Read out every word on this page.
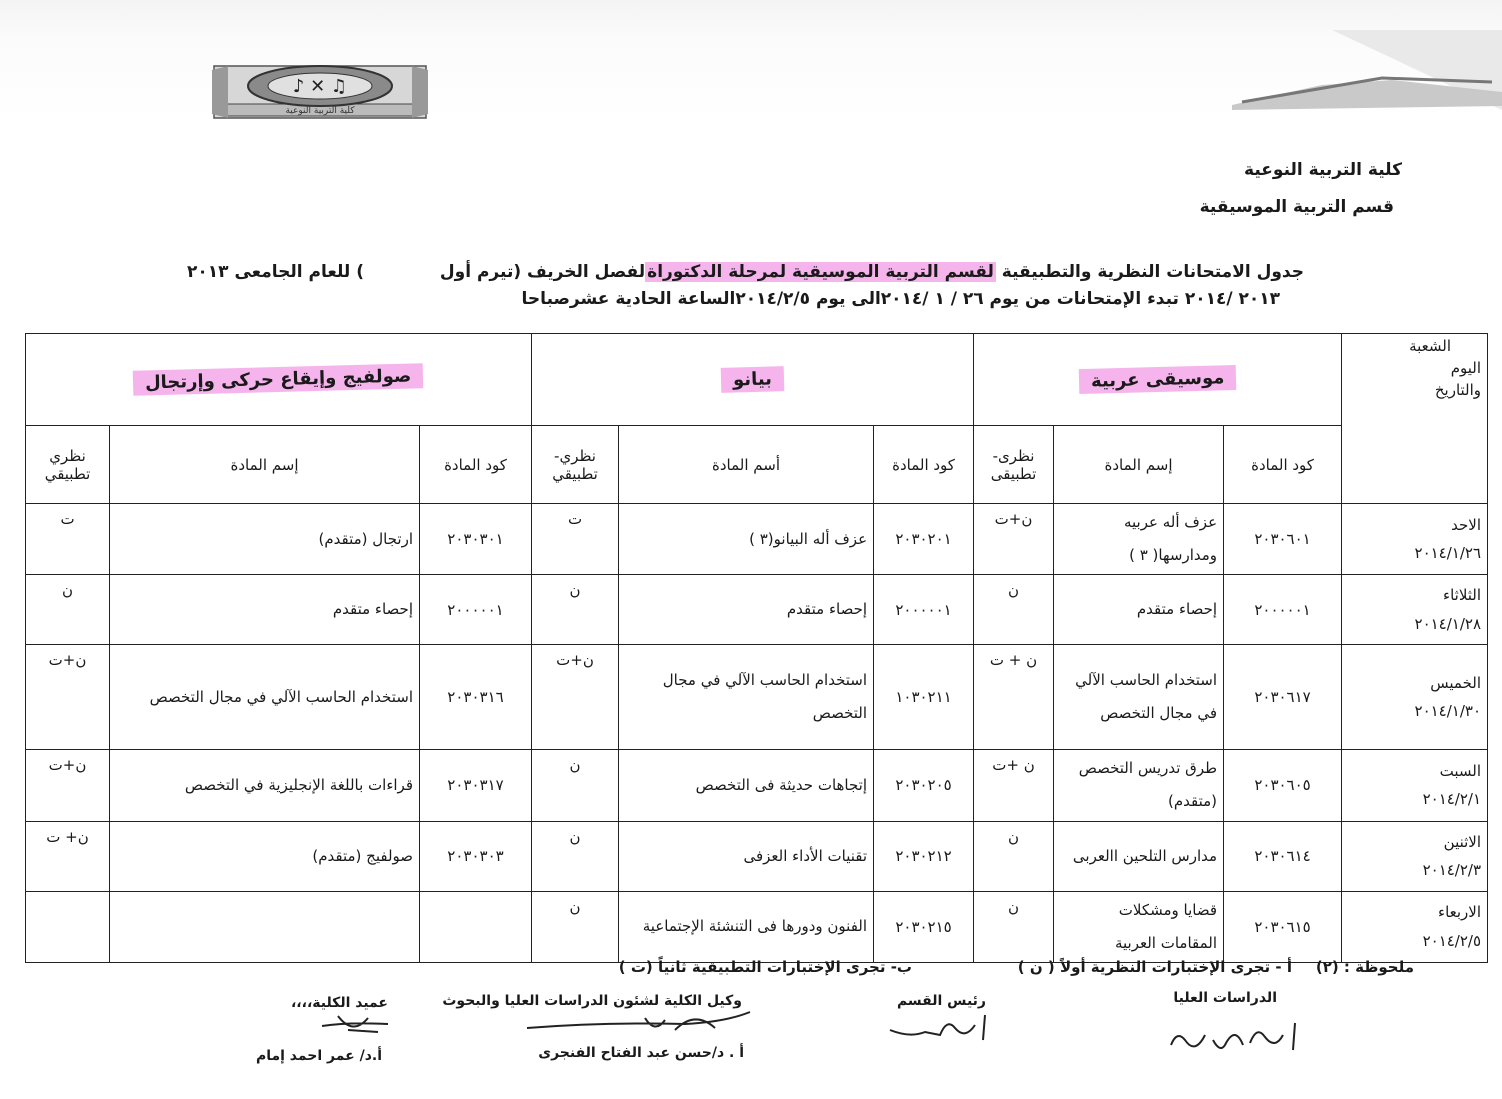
♪ ✕ ♫
كلية التربية النوعية
كلية التربية النوعية
قسم التربية الموسيقية
جدول الامتحانات النظرية والتطبيقية لقسم التربية الموسيقية لمرحلة الدكتوراةلفصل الخريف (تيرم أول ) للعام الجامعى ٢٠١٣
٢٠١٣ /٢٠١٤ تبدء الإمتحانات من يوم ٢٦ / ١ /٢٠١٤الى يوم ٢٠١٤/٢/٥الساعة الحادية عشرصباحا
الشعبة
اليوم
والتاريخ	موسيقى عربية			بيانو			صولفيج وإيقاع حركى وإرتجال		
	كود المادة	إسم المادة	نظرى- تطبيقى	كود المادة	أسم المادة	نظري- تطبيقي	كود المادة	إسم المادة	نظري تطبيقي

الاحد
٢٠١٤/١/٢٦	٢٠٣٠٦٠١	عزف أله عربيه ومدارسها( ٣ )	ن+ت	٢٠٣٠٢٠١	عزف أله البيانو(٣ )	ت	٢٠٣٠٣٠١	ارتجال (متقدم)	ت

الثلاثاء
٢٠١٤/١/٢٨	٢٠٠٠٠٠١	إحصاء متقدم	ن	٢٠٠٠٠٠١	إحصاء متقدم	ن	٢٠٠٠٠٠١	إحصاء متقدم	ن

الخميس
٢٠١٤/١/٣٠	٢٠٣٠٦١٧	استخدام الحاسب الآلي في مجال التخصص	ن + ت	١٠٣٠٢١١	استخدام الحاسب الآلي في مجال التخصص	ن+ت	٢٠٣٠٣١٦	استخدام الحاسب الآلي في مجال التخصص	ن+ت

السبت
٢٠١٤/٢/١	٢٠٣٠٦٠٥	طرق تدريس التخصص (متقدم)	ن +ت	٢٠٣٠٢٠٥	إتجاهات حديثة فى التخصص	ن	٢٠٣٠٣١٧	قراءات باللغة الإنجليزية في التخصص	ن+ت

الاثنين
٢٠١٤/٢/٣	٢٠٣٠٦١٤	مدارس التلحين االعربى	ن	٢٠٣٠٢١٢	تقنيات الأداء العزفى	ن	٢٠٣٠٣٠٣	صولفيج (متقدم)	ن+ ت

الاربعاء
٢٠١٤/٢/٥	٢٠٣٠٦١٥	قضايا ومشكلات المقامات العربية	ن	٢٠٣٠٢١٥	الفنون ودورها فى التنشئة الإجتماعية	ن			
ملحوظة : (٢)
أ - تجرى الإختبارات النظرية أولاً ( ن )
ب- تجرى الإختبارات التطبيقية ثانياً (ت )
الدراسات العليا
رئيس القسم
وكيل الكلية لشئون الدراسات العليا والبحوث
عميد الكلية،،،،
أ . د/حسن عبد الفتاح الفنجرى
أ.د/ عمر احمد إمام
